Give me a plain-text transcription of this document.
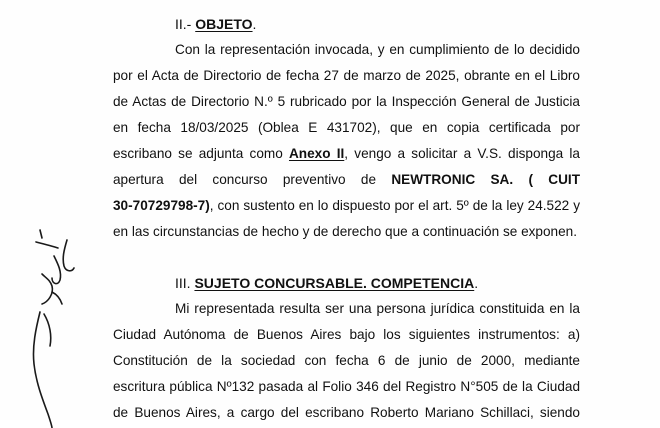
II.- OBJETO.
Con la representación invocada, y en cumplimiento de lo decidido
por el Acta de Directorio de fecha 27 de marzo de 2025, obrante en el Libro
de Actas de Directorio N.º 5 rubricado por la Inspección General de Justicia
en fecha 18/03/2025 (Oblea E 431702), que en copia certificada por
escribano se adjunta como Anexo II, vengo a solicitar a V.S. disponga la
apertura del concurso preventivo de NEWTRONIC SA. ( CUIT
30-70729798-7), con sustento en lo dispuesto por el art. 5º de la ley 24.522 y
en las circunstancias de hecho y de derecho que a continuación se exponen.
III. SUJETO CONCURSABLE. COMPETENCIA.
Mi representada resulta ser una persona jurídica constituida en la
Ciudad Autónoma de Buenos Aires bajo los siguientes instrumentos: a)
Constitución de la sociedad con fecha 6 de junio de 2000, mediante
escritura pública Nº132 pasada al Folio 346 del Registro N°505 de la Ciudad
de Buenos Aires, a cargo del escribano Roberto Mariano Schillaci, siendo
